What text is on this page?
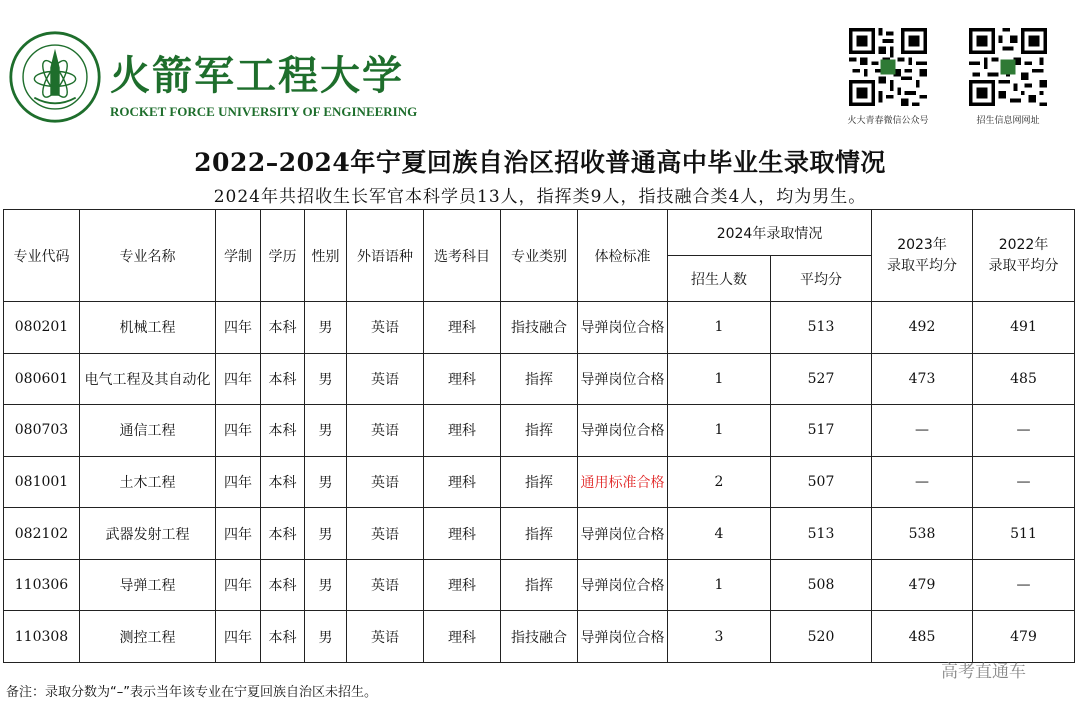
火箭军工程大学
ROCKET FORCE UNIVERSITY OF ENGINEERING
火大青春微信公众号	招生信息网网址
2022–2024年宁夏回族自治区招收普通高中毕业生录取情况
2024年共招收生长军官本科学员13人，指挥类9人，指技融合类4人，均为男生。
专业代码	专业名称	学制	学历	性别	外语语种	选考科目	专业类别	体检标准	2024年录取情况		2023年
录取平均分	2022年
录取平均分
									招生人数	平均分		
080201	机械工程	四年	本科	男	英语	理科	指技融合	导弹岗位合格	1	513	492	491
080601	电气工程及其自动化	四年	本科	男	英语	理科	指挥	导弹岗位合格	1	527	473	485
080703	通信工程	四年	本科	男	英语	理科	指挥	导弹岗位合格	1	517	—	—
081001	土木工程	四年	本科	男	英语	理科	指挥	通用标准合格	2	507	—	—
082102	武器发射工程	四年	本科	男	英语	理科	指挥	导弹岗位合格	4	513	538	511
110306	导弹工程	四年	本科	男	英语	理科	指挥	导弹岗位合格	1	508	479	—
110308	测控工程	四年	本科	男	英语	理科	指技融合	导弹岗位合格	3	520	485	479
备注：录取分数为“–”表示当年该专业在宁夏回族自治区未招生。
高考直通车
